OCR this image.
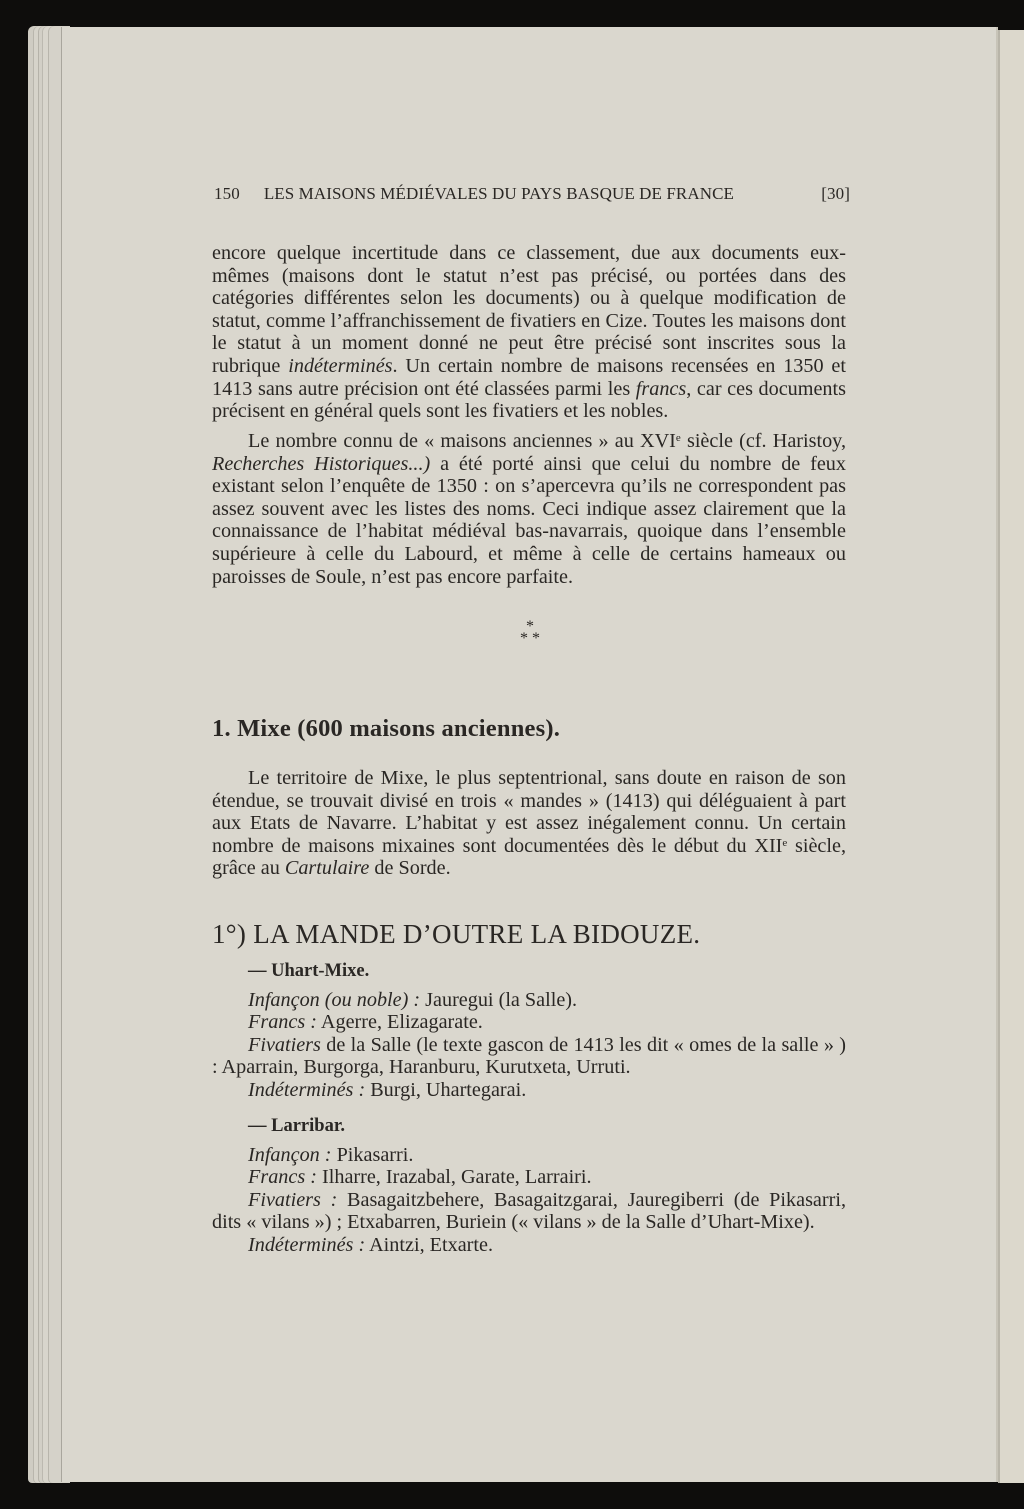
150	LES MAISONS MÉDIÉVALES DU PAYS BASQUE DE FRANCE	[30]

encore quelque incertitude dans ce classement, due aux documents eux-mêmes (maisons dont le statut n’est pas précisé, ou portées dans des catégories différentes selon les documents) ou à quelque modification de statut, comme l’affranchissement de fivatiers en Cize. Toutes les maisons dont le statut à un moment donné ne peut être précisé sont inscrites sous la rubrique indéterminés. Un certain nombre de maisons recensées en 1350 et 1413 sans autre précision ont été classées parmi les francs, car ces documents précisent en général quels sont les fivatiers et les nobles.

Le nombre connu de « maisons anciennes » au XVIe siècle (cf. Haristoy, Recherches Historiques...) a été porté ainsi que celui du nombre de feux existant selon l’enquête de 1350 : on s’apercevra qu’ils ne correspondent pas assez souvent avec les listes des noms. Ceci indique assez clairement que la connaissance de l’habitat médiéval bas-navarrais, quoique dans l’ensemble supérieure à celle du Labourd, et même à celle de certains hameaux ou paroisses de Soule, n’est pas encore parfaite.

*
* *
1. Mixe (600 maisons anciennes).

Le territoire de Mixe, le plus septentrional, sans doute en raison de son étendue, se trouvait divisé en trois « mandes » (1413) qui déléguaient à part aux Etats de Navarre. L’habitat y est assez inégalement connu. Un certain nombre de maisons mixaines sont documentées dès le début du XIIe siècle, grâce au Cartulaire de Sorde.

1°) LA MANDE D’OUTRE LA BIDOUZE.

— Uhart-Mixe.

Infançon (ou noble) : Jauregui (la Salle).

Francs : Agerre, Elizagarate.

Fivatiers de la Salle (le texte gascon de 1413 les dit « omes de la salle » ) : Aparrain, Burgorga, Haranburu, Kurutxeta, Urruti.

Indéterminés : Burgi, Uhartegarai.

— Larribar.

Infançon : Pikasarri.

Francs : Ilharre, Irazabal, Garate, Larrairi.

Fivatiers : Basagaitzbehere, Basagaitzgarai, Jauregiberri (de Pikasarri, dits « vilans ») ; Etxabarren, Buriein (« vilans » de la Salle d’Uhart-Mixe).

Indéterminés : Aintzi, Etxarte.
